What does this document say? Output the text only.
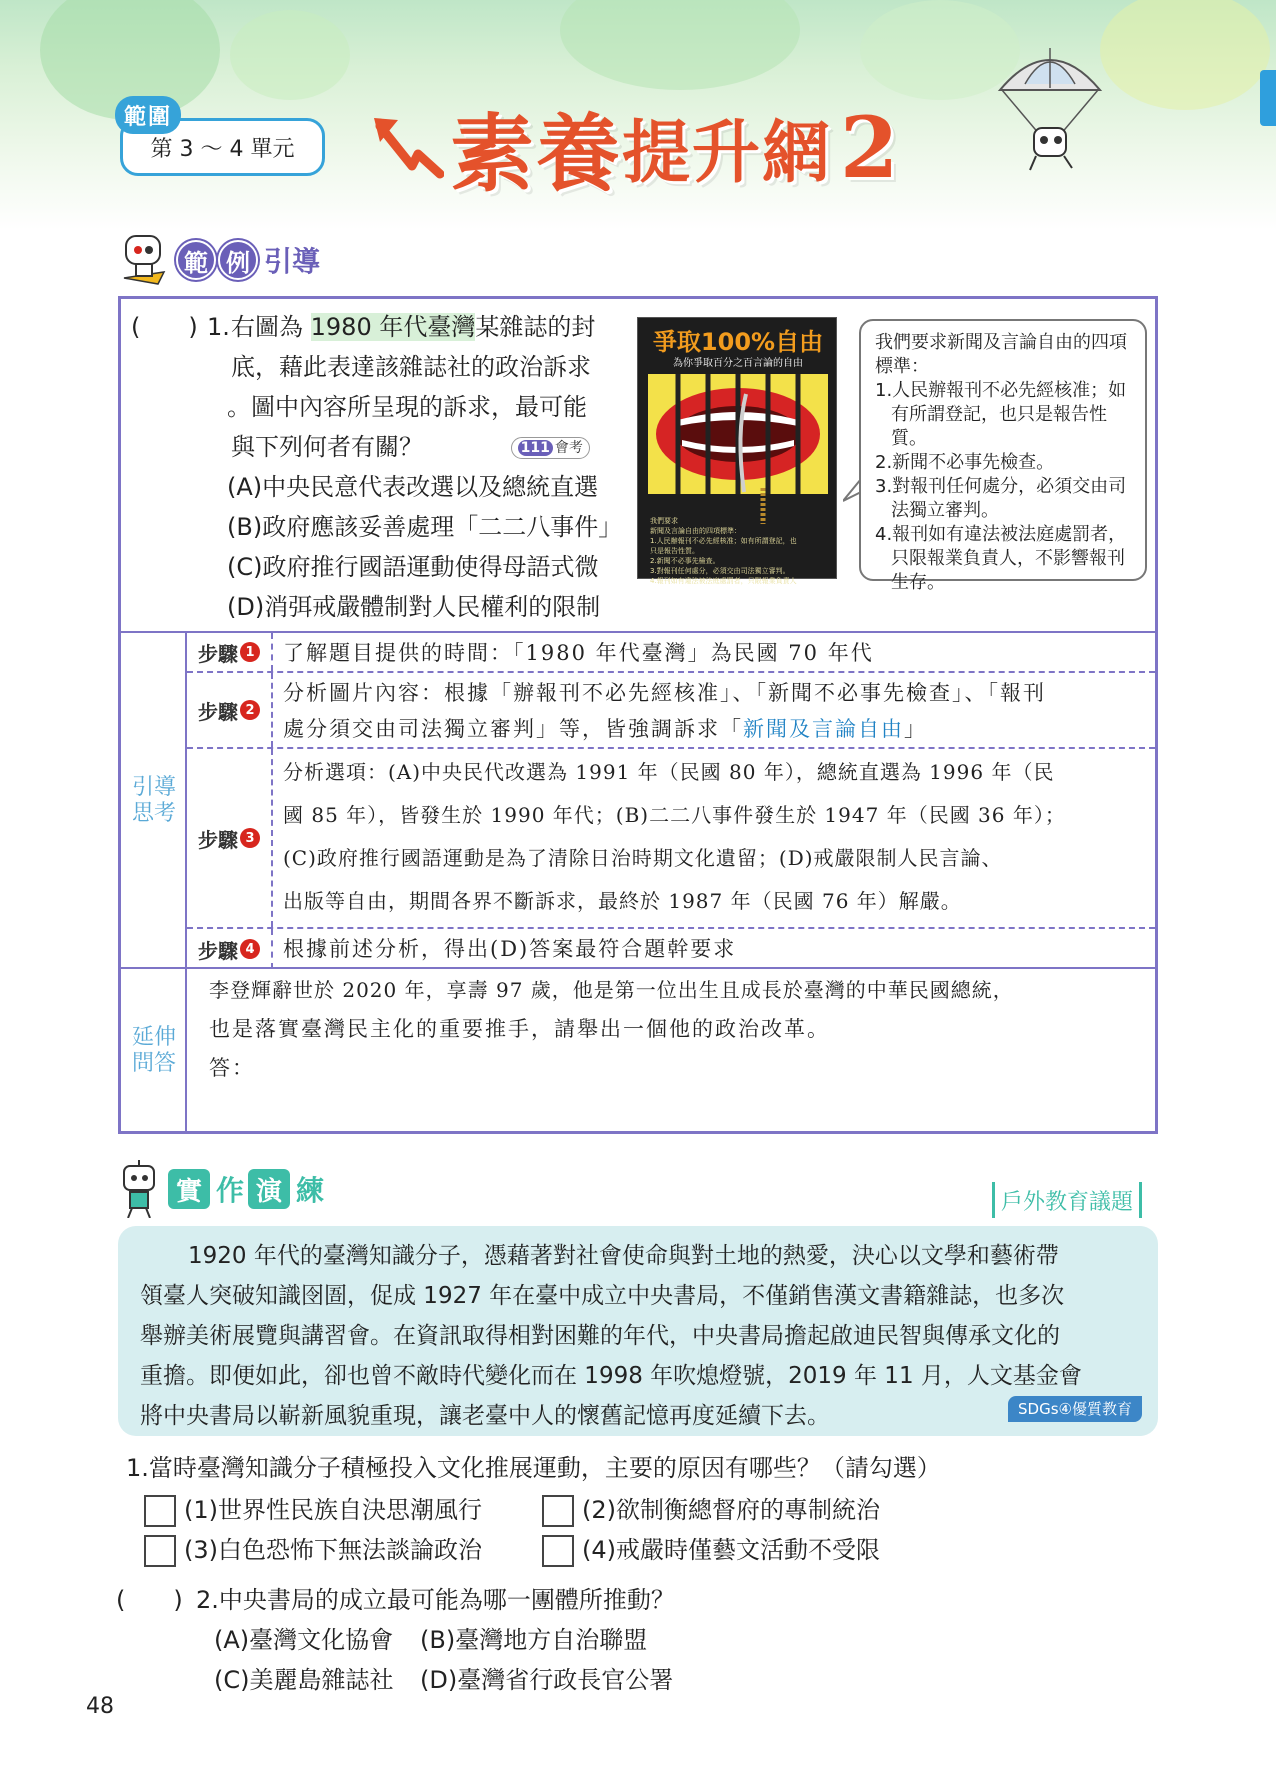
第 3 ～ 4 單元
範圍	素養 提升網 2
範 例 引導
(　　) 1. 右圖為 1980 年代臺灣某雜誌的封
底，藉此表達該雜誌社的政治訴求
。圖中內容所呈現的訴求，最可能
與下列何者有關？	111 會考
(A)中央民意代表改選以及總統直選
(B)政府應該妥善處理「二二八事件」
(C)政府推行國語運動使得母語式微
(D)消弭戒嚴體制對人民權利的限制
爭取100%自由
為你爭取百分之百言論的自由
我們要求
新聞及言論自由的四項標準：
1.人民辦報刊不必先經核准；如有所謂登記，也
只是報告性質。
2.新聞不必事先檢查。
3.對報刊任何處分，必須交由司法獨立審判。
4.報刊如有違法被法庭處罰者，只限報業負責人
我們要求新聞及言論自由的四項標準：
1.人民辦報刊不必先經核准；如有所謂登記，也只是報告性質。
2.新聞不必事先檢查。
3.對報刊任何處分，必須交由司法獨立審判。
4.報刊如有違法被法庭處罰者，只限報業負責人，不影響報刊生存。
引導思考
步驟 1 了解題目提供的時間：「1980 年代臺灣」為民國 70 年代
步驟 2
分析圖片內容：根據「辦報刊不必先經核准」、「新聞不必事先檢查」、「報刊
處分須交由司法獨立審判」等，皆強調訴求「新聞及言論自由」
步驟 3
分析選項：(A)中央民代改選為 1991 年（民國 80 年），總統直選為 1996 年（民
國 85 年），皆發生於 1990 年代；(B)二二八事件發生於 1947 年（民國 36 年）；
(C)政府推行國語運動是為了清除日治時期文化遺留；(D)戒嚴限制人民言論、
出版等自由，期間各界不斷訴求，最終於 1987 年（民國 76 年）解嚴。
步驟 4 根據前述分析，得出(D)答案最符合題幹要求
延伸問答
李登輝辭世於 2020 年，享壽 97 歲，他是第一位出生且成長於臺灣的中華民國總統，
也是落實臺灣民主化的重要推手，請舉出一個他的政治改革。
答：
實 作 演 練	戶外教育議題
1920 年代的臺灣知識分子，憑藉著對社會使命與對土地的熱愛，決心以文學和藝術帶
領臺人突破知識囹圄，促成 1927 年在臺中成立中央書局，不僅銷售漢文書籍雜誌，也多次
舉辦美術展覽與講習會。在資訊取得相對困難的年代，中央書局擔起啟迪民智與傳承文化的
重擔。即便如此，卻也曾不敵時代變化而在 1998 年吹熄燈號，2019 年 11 月，人文基金會
將中央書局以嶄新風貌重現，讓老臺中人的懷舊記憶再度延續下去。	SDGs④優質教育
1.當時臺灣知識分子積極投入文化推展運動，主要的原因有哪些？（請勾選）
(1)世界性民族自決思潮風行	(2)欲制衡總督府的專制統治
(3)白色恐怖下無法談論政治	(4)戒嚴時僅藝文活動不受限
(　　) 2.中央書局的成立最可能為哪一團體所推動？
(A)臺灣文化協會 (B)臺灣地方自治聯盟
(C)美麗島雜誌社 (D)臺灣省行政長官公署
48
